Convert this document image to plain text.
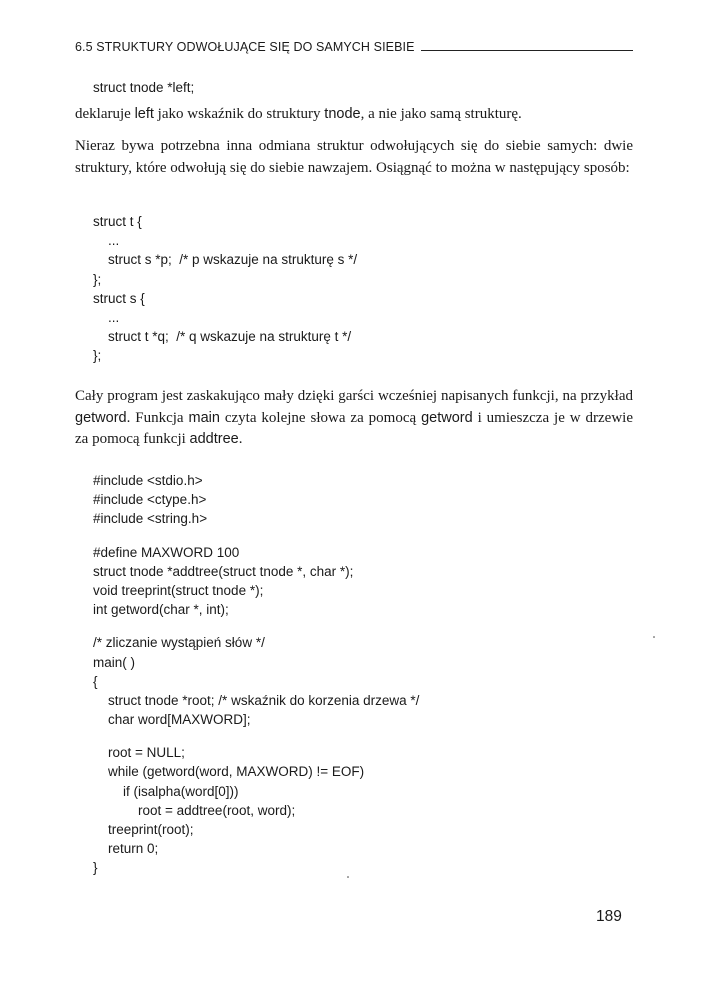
6.5 STRUKTURY ODWOŁUJĄCE SIĘ DO SAMYCH SIEBIE
struct tnode *left;

deklaruje left jako wskaźnik do struktury tnode, a nie jako samą strukturę.

Nieraz bywa potrzebna inna odmiana struktur odwołujących się do siebie samych: dwie struktury, które odwołują się do siebie nawzajem. Osiągnąć to można w następujący sposób:

struct t {
...
struct s *p;  /* p wskazuje na strukturę s */
};
struct s {
...
struct t *q;  /* q wskazuje na strukturę t */
};

Cały program jest zaskakująco mały dzięki garści wcześniej napisanych funkcji, na przykład getword. Funkcja main czyta kolejne słowa za pomocą getword i umieszcza je w drzewie za pomocą funkcji addtree.

#include <stdio.h>
#include <ctype.h>
#include <string.h>
#define MAXWORD 100
struct tnode *addtree(struct tnode *, char *);
void treeprint(struct tnode *);
int getword(char *, int);
/* zliczanie wystąpień słów */
main( )
{
struct tnode *root; /* wskaźnik do korzenia drzewa */
char word[MAXWORD];
root = NULL;
while (getword(word, MAXWORD) != EOF)
if (isalpha(word[0]))
root = addtree(root, word);
treeprint(root);
return 0;
}
189
